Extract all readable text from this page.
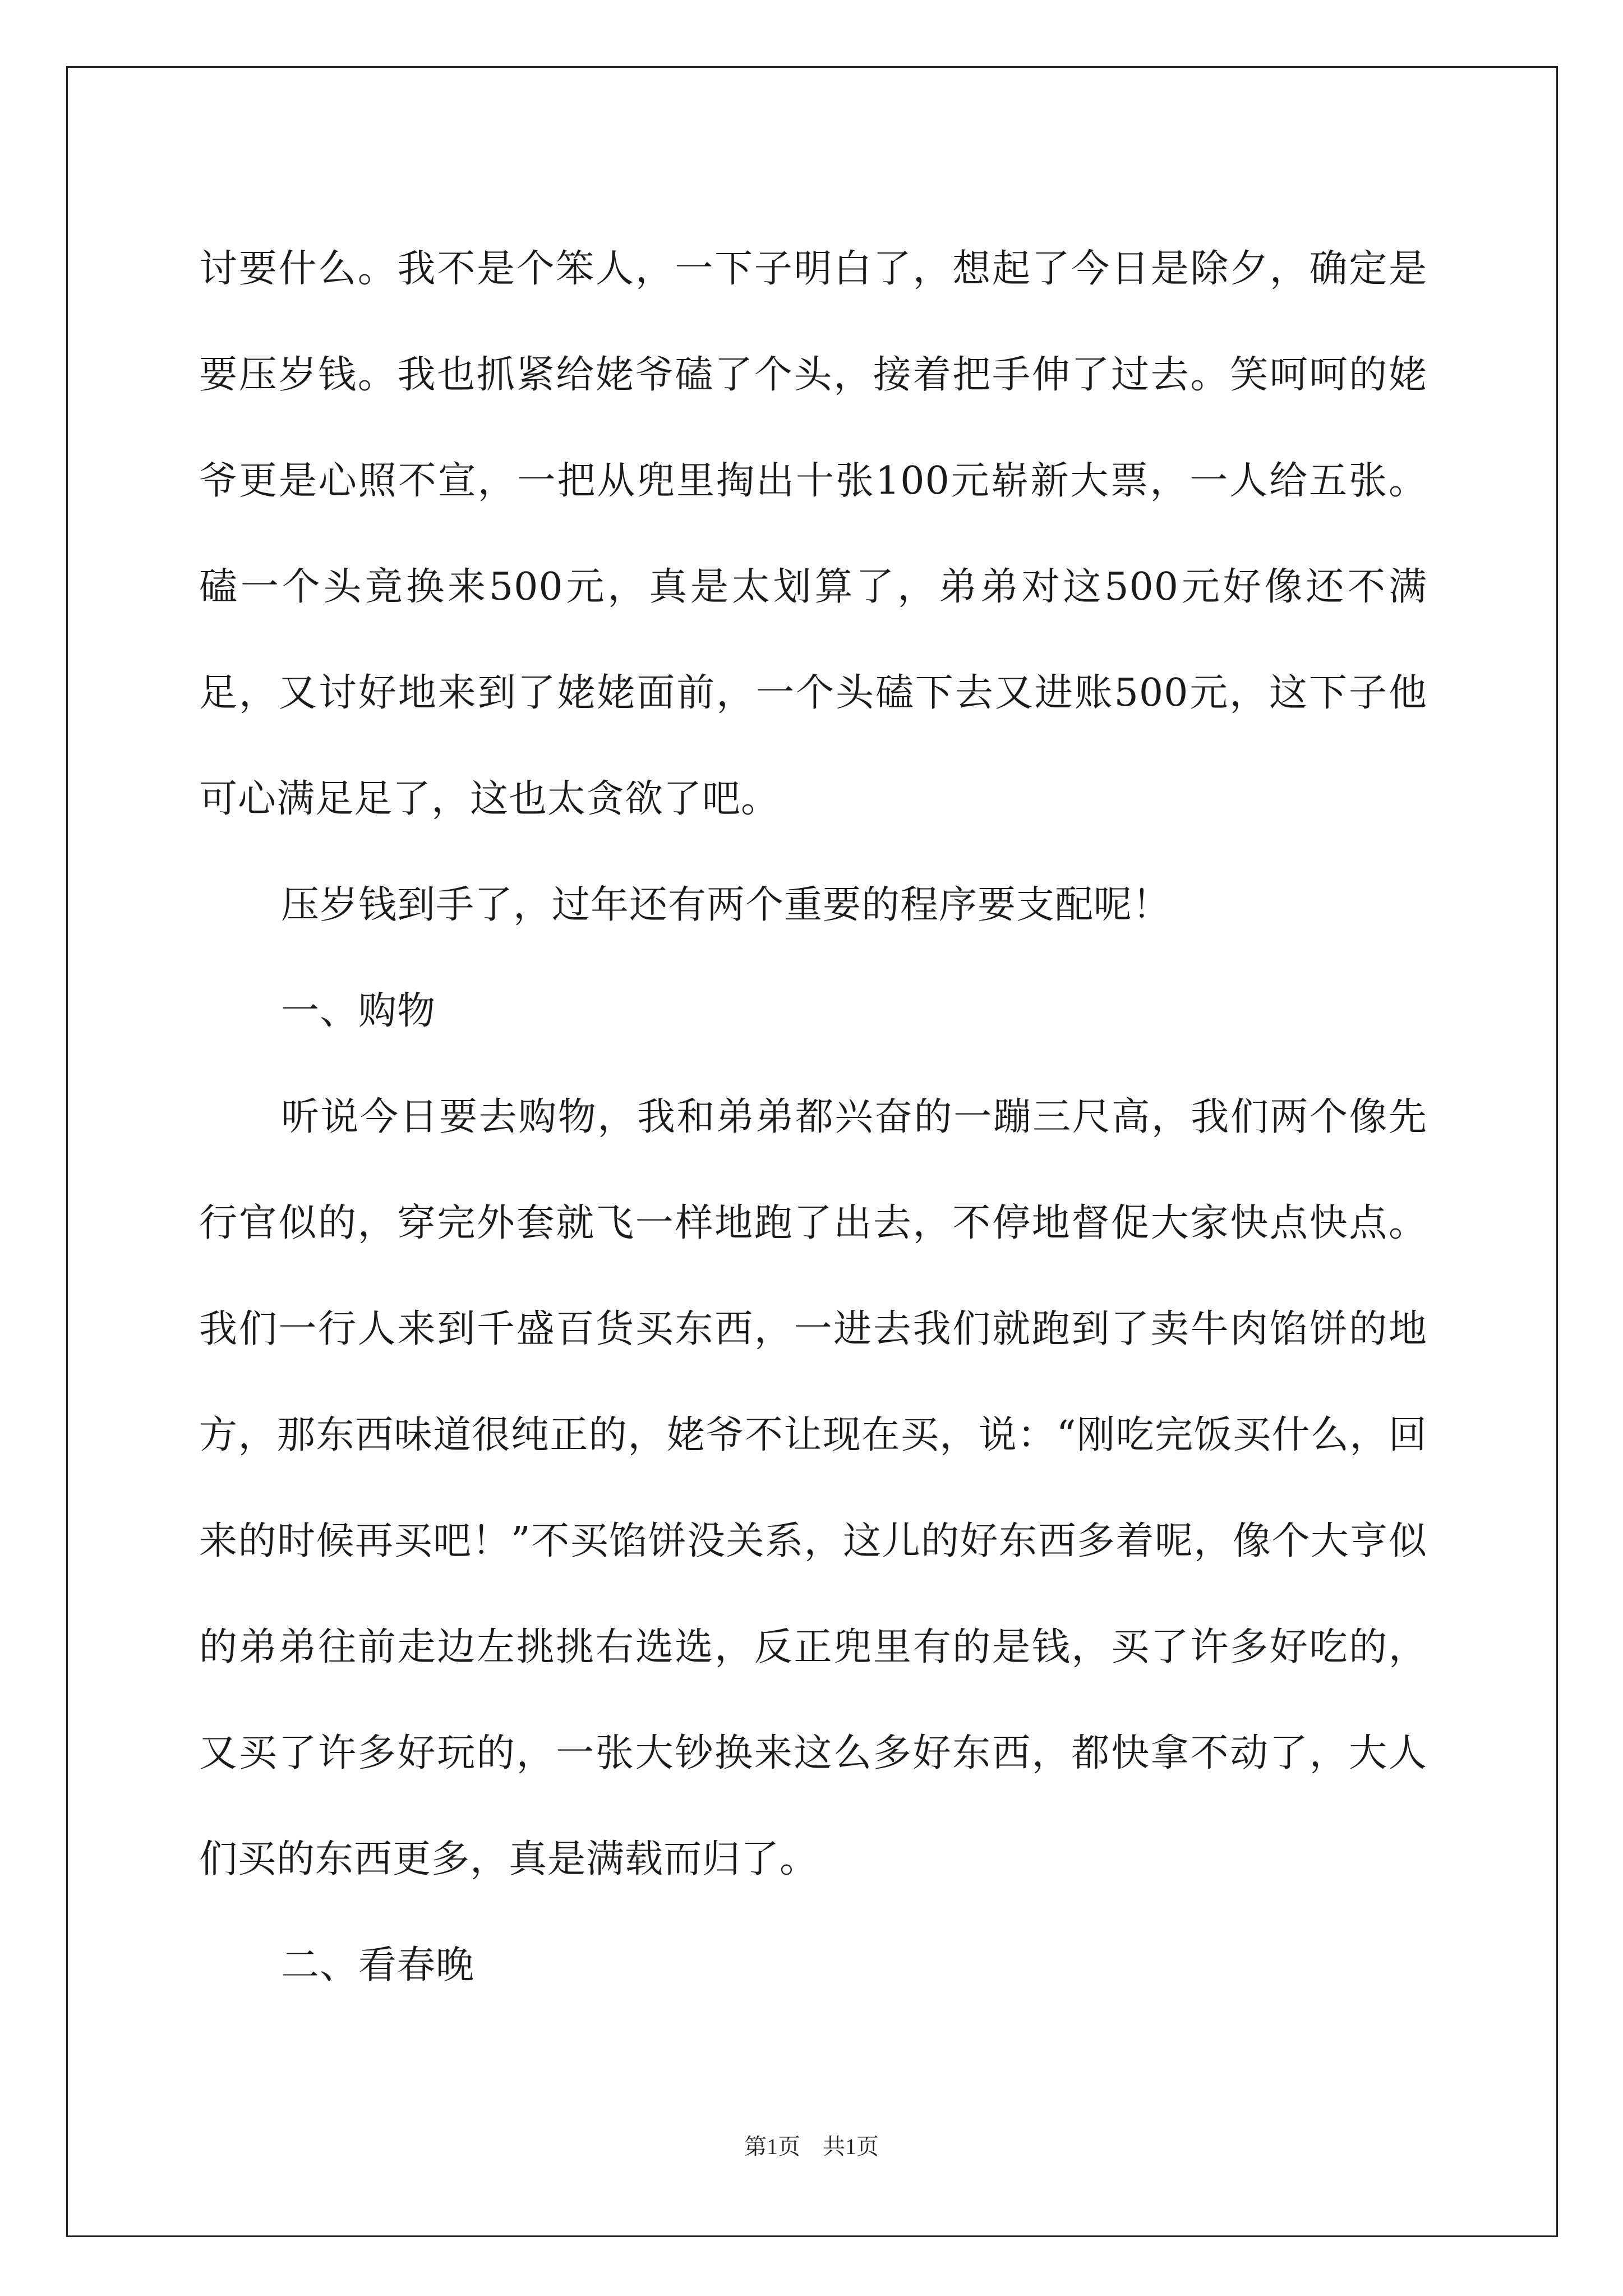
讨要什么。我不是个笨人，一下子明白了，想起了今日是除夕，确定是要压岁钱。我也抓紧给姥爷磕了个头，接着把手伸了过去。笑呵呵的姥爷更是心照不宣，一把从兜里掏出十张100元崭新大票，一人给五张。磕一个头竟换来500元，真是太划算了，弟弟对这500元好像还不满足，又讨好地来到了姥姥面前，一个头磕下去又进账500元，这下子他可心满足足了，这也太贪欲了吧。

压岁钱到手了，过年还有两个重要的程序要支配呢！

一、购物

听说今日要去购物，我和弟弟都兴奋的一蹦三尺高，我们两个像先行官似的，穿完外套就飞一样地跑了出去，不停地督促大家快点快点。我们一行人来到千盛百货买东西，一进去我们就跑到了卖牛肉馅饼的地方，那东西味道很纯正的，姥爷不让现在买，说：“刚吃完饭买什么，回来的时候再买吧！”不买馅饼没关系，这儿的好东西多着呢，像个大亨似的弟弟往前走边左挑挑右选选，反正兜里有的是钱，买了许多好吃的，又买了许多好玩的，一张大钞换来这么多好东西，都快拿不动了，大人们买的东西更多，真是满载而归了。

二、看春晚

第1页 共1页
